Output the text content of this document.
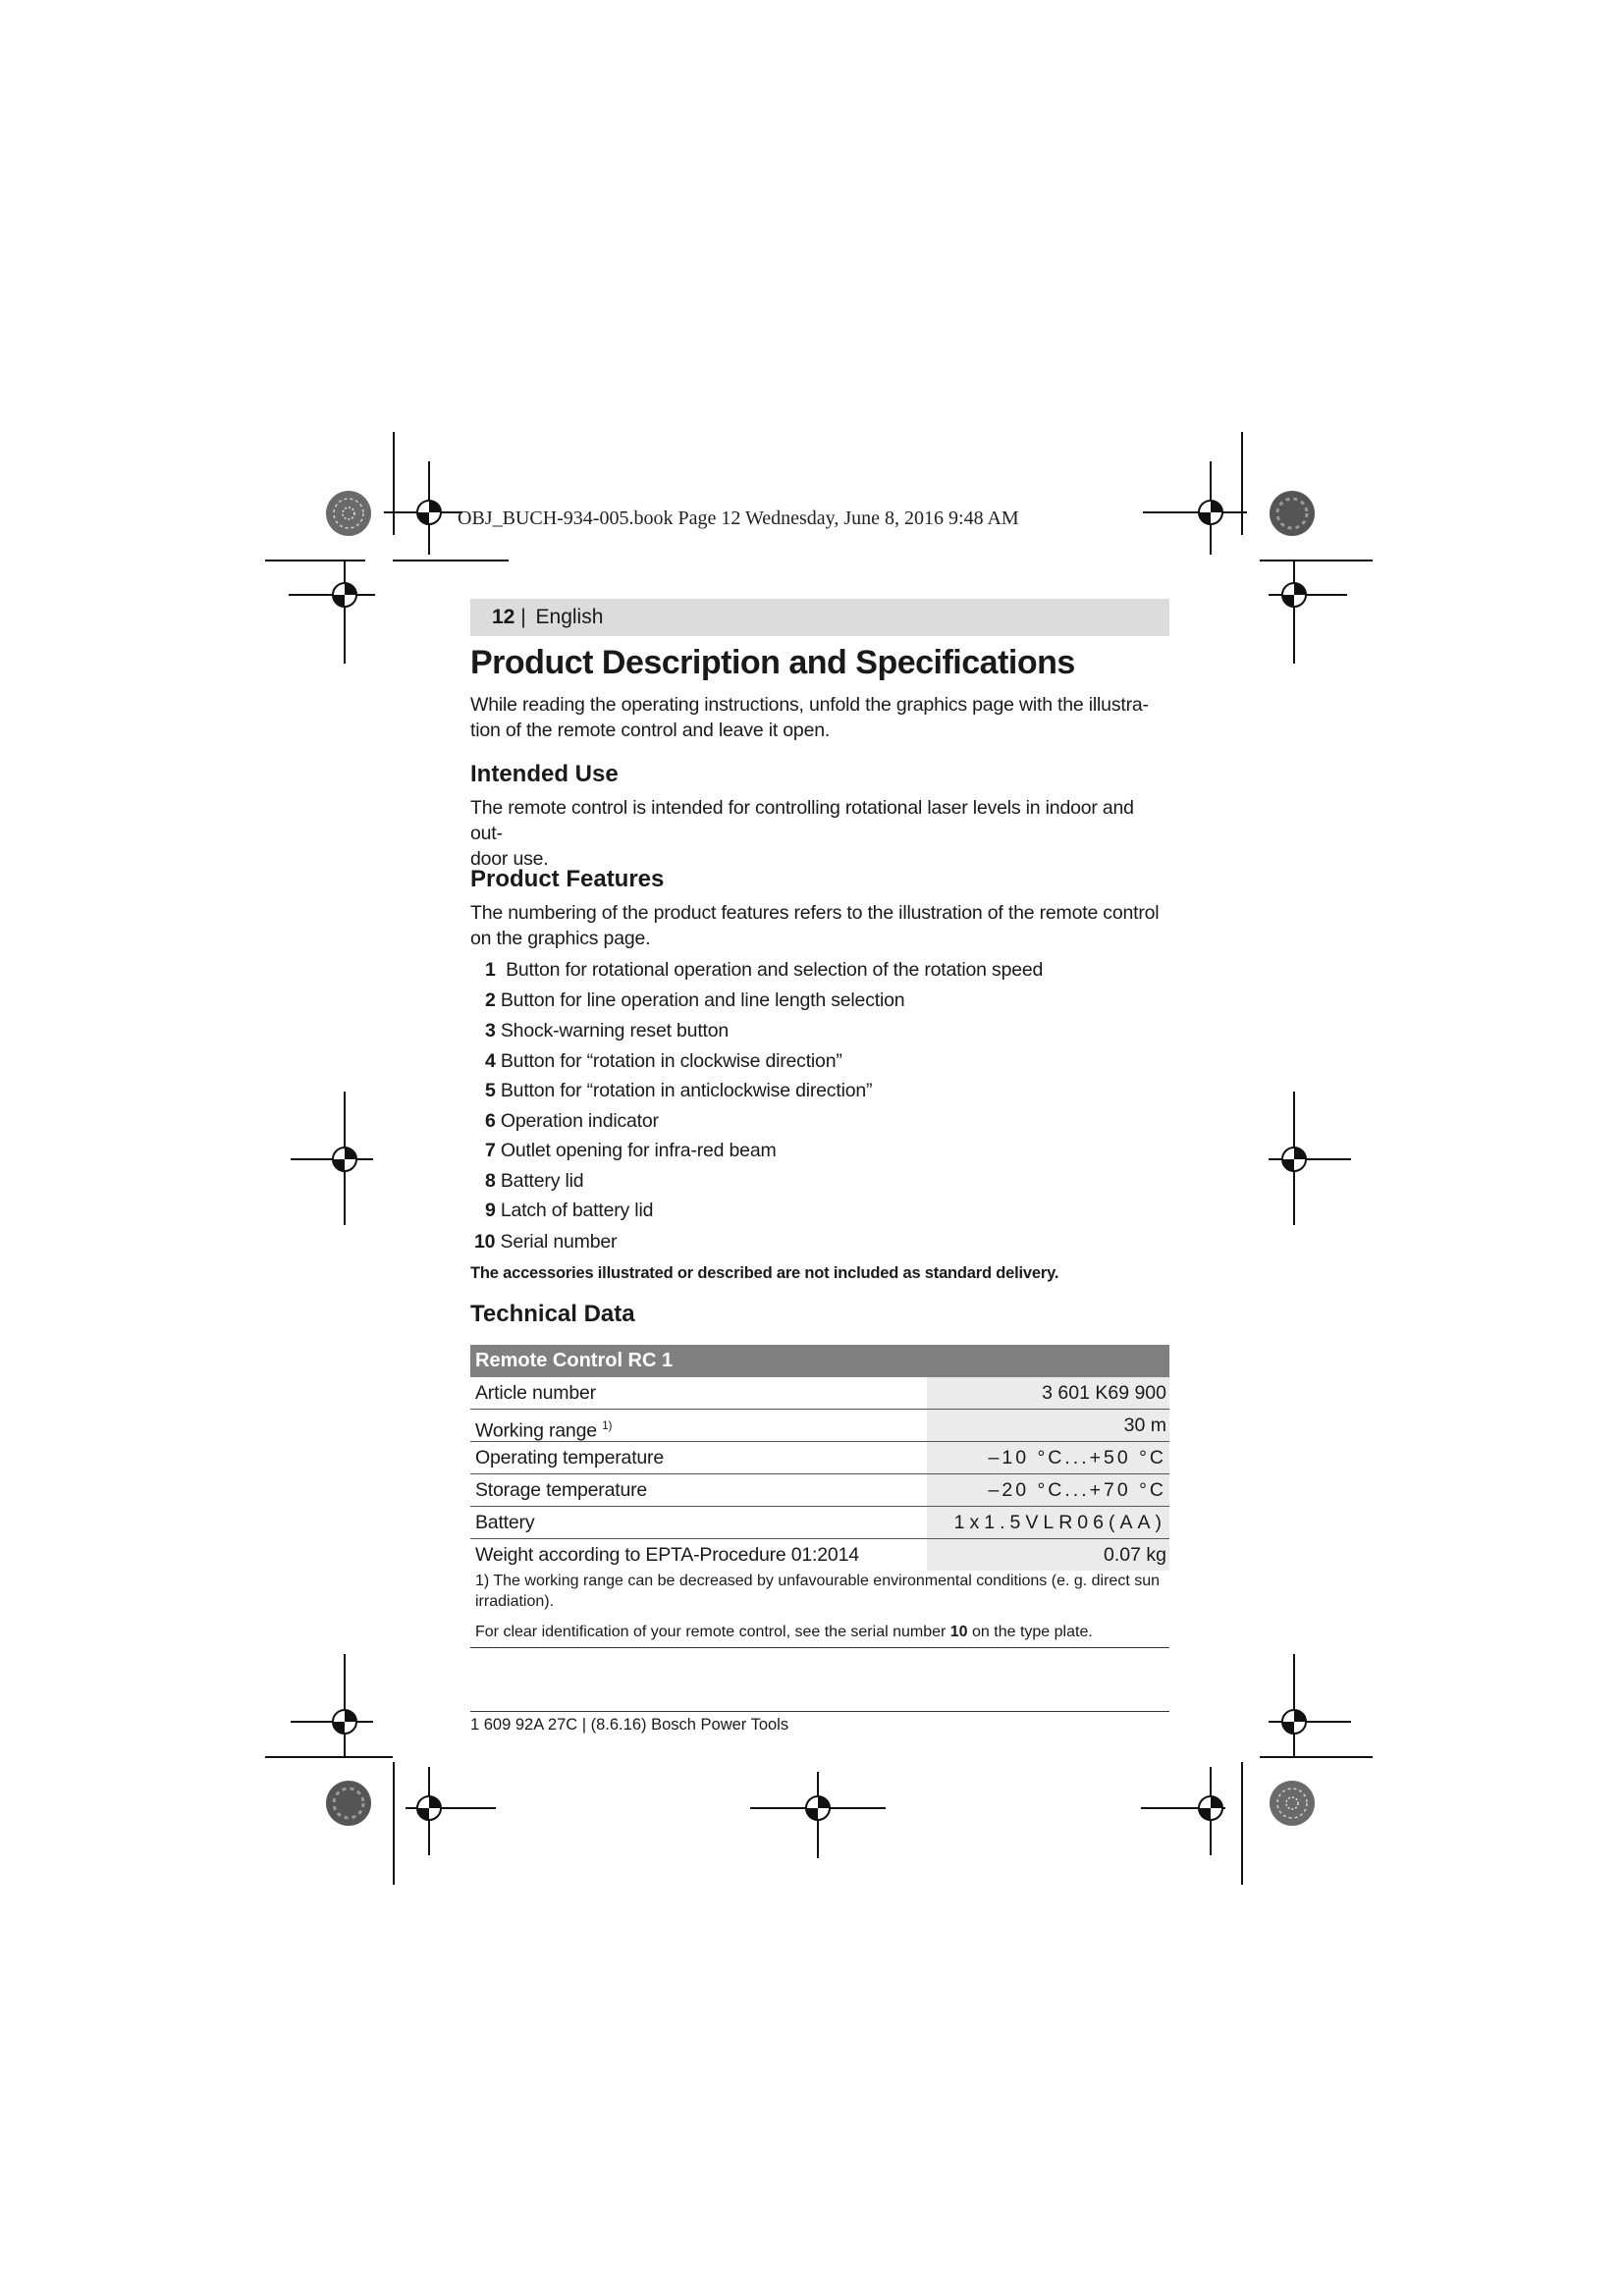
OBJ_BUCH-934-005.book Page 12 Wednesday, June 8, 2016 9:48 AM
12 | English
Product Description and Specifications
While reading the operating instructions, unfold the graphics page with the illustra-
tion of the remote control and leave it open.
Intended Use
The remote control is intended for controlling rotational laser levels in indoor and out-
door use.
Product Features
The numbering of the product features refers to the illustration of the remote control
on the graphics page.
1 Button for rotational operation and selection of the rotation speed
2 Button for line operation and line length selection
3 Shock-warning reset button
4 Button for “rotation in clockwise direction”
5 Button for “rotation in anticlockwise direction”
6 Operation indicator
7 Outlet opening for infra-red beam
8 Battery lid
9 Latch of battery lid
10 Serial number
The accessories illustrated or described are not included as standard delivery.
Technical Data
Remote Control RC 1
Article number	3 601 K69 900
Working range $^{1)}$	30 m
Operating temperature	–10 °C...+50 °C
Storage temperature	–20 °C...+70 °C
Battery	1x1.5VLR06(AA)
Weight according to EPTA-Procedure 01:2014	0.07 kg
1) The working range can be decreased by unfavourable environmental conditions (e. g. direct sun
irradiation).
For clear identification of your remote control, see the serial number 10 on the type plate.
1 609 92A 27C | (8.6.16) Bosch Power Tools
